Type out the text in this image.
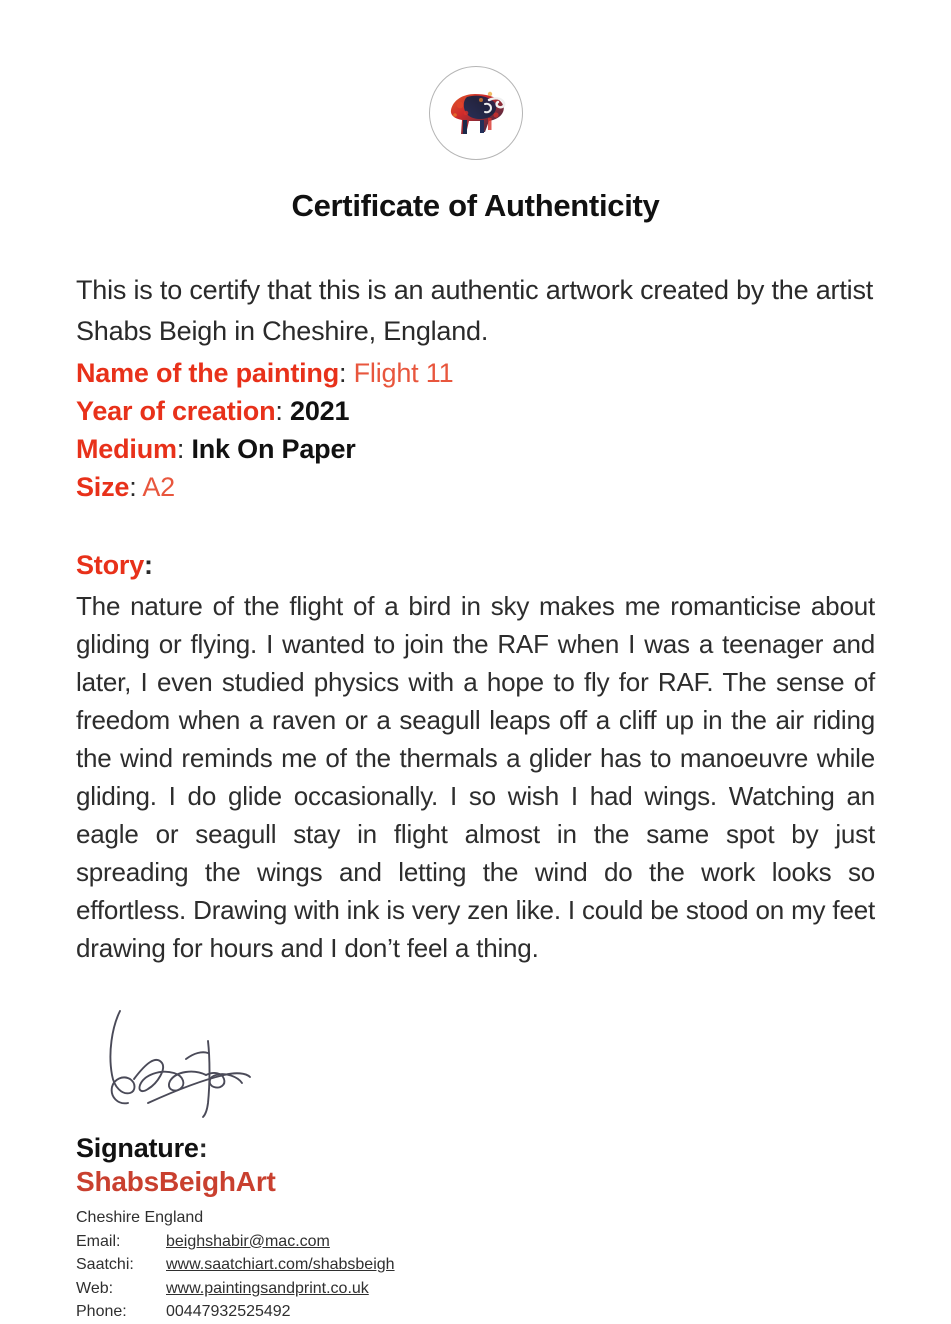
Certificate of Authenticity
This is to certify that this is an authentic artwork created by the artist Shabs Beigh in Cheshire, England.
Name of the painting: Flight 11
Year of creation: 2021
Medium: Ink On Paper
Size: A2
Story:
The nature of the flight of a bird in sky makes me romanticise about gliding or flying. I wanted to join the RAF when I was a teenager and later, I even studied physics with a hope to fly for RAF. The sense of freedom when a raven or a seagull leaps off a cliff up in the air riding the wind reminds me of the thermals a glider has to manoeuvre while gliding. I do glide occasionally. I so wish I had wings. Watching an eagle or seagull stay in flight almost in the same spot by just spreading the wings and letting the wind do the work looks so effortless. Drawing with ink is very zen like. I could be stood on my feet drawing for hours and I don’t feel a thing.
Signature:
ShabsBeighArt
Cheshire England
Email:	beighshabir@mac.com
Saatchi:	www.saatchiart.com/shabsbeigh
Web:	www.paintingsandprint.co.uk
Phone:	00447932525492
